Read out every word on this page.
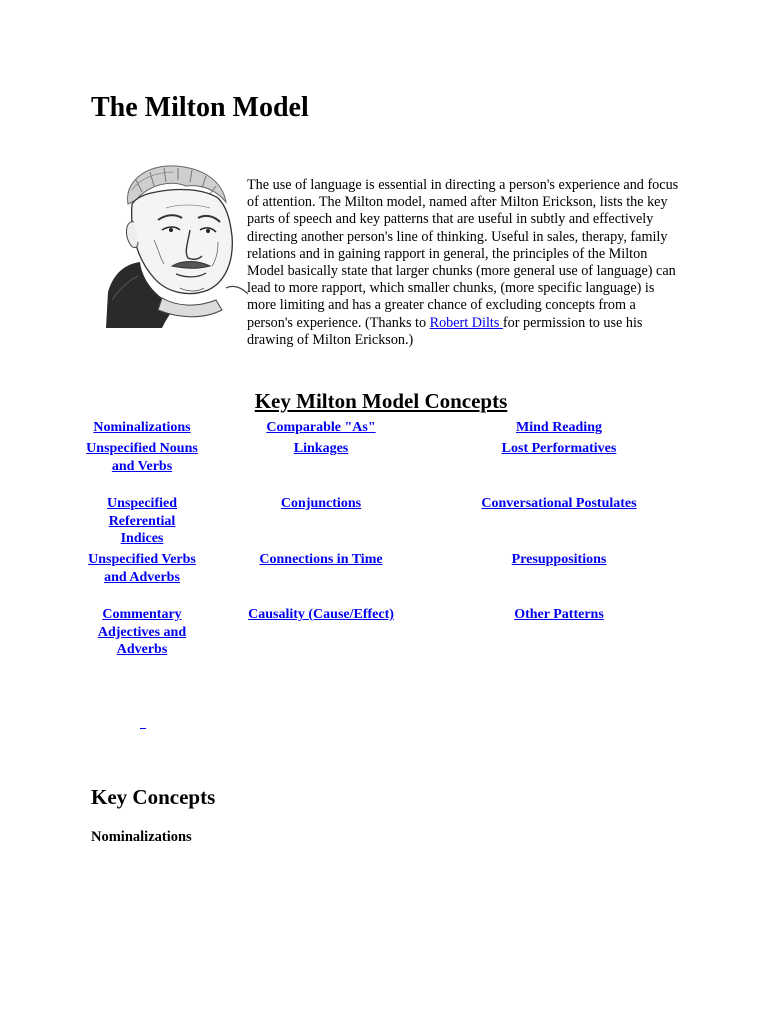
The Milton Model

The use of language is essential in directing a person's experience and focus of attention. The Milton model, named after Milton Erickson, lists the key parts of speech and key patterns that are useful in subtly and effectively directing another person's line of thinking. Useful in sales, therapy, family relations and in gaining rapport in general, the principles of the Milton Model basically state that larger chunks (more general use of language) can lead to more rapport, which smaller chunks, (more specific language) is more limiting and has a greater chance of excluding concepts from a person's experience. (Thanks to Robert Dilts for permission to use his drawing of Milton Erickson.)

Key Milton Model Concepts
Nominalizations
Unspecified Nouns and Verbs
Unspecified Referential Indices
Unspecified Verbs and Adverbs
Commentary Adjectives and Adverbs
Comparable "As"
Linkages
Conjunctions
Connections in Time
Causality (Cause/Effect)
Mind Reading
Lost Performatives
Conversational Postulates
Presuppositions
Other Patterns
Key Concepts
Nominalizations
